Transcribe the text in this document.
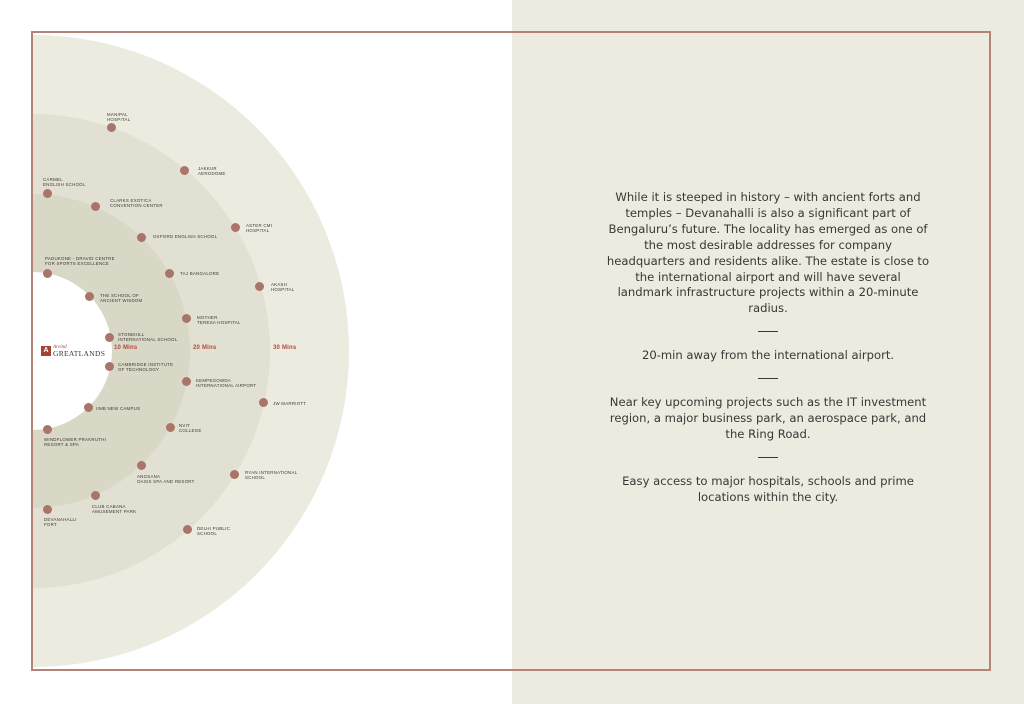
MANIPAL
HOSPITAL
JAKKUR
AERODOME
CARMEL
ENGLISH SCHOOL
CLARKS EXOTICA
CONVENTION CENTER
ASTER CMI
HOSPITAL
OXFORD ENGLISH SCHOOL
PADUKONE - DRAVID CENTRE
FOR SPORTS EXCELLENCE
TAJ BANGALORE
AKASH
HOSPITAL
THE SCHOOL OF
ANCIENT WISDOM
MOTHER
TERESA HOSPITAL
STONEHILL
INTERNATIONAL SCHOOL
CAMBRIDGE INSTITUTE
OF TECHNOLOGY
KEMPEGOWDA
INTERNATIONAL AIRPORT
JW MARRIOTT
IIMB NEW CAMPUS
NVIT
COLLEGE
WINDFLOWER PRAKRUTHI
RESORT & SPA
ANGSANA
OASIS SPA AND RESORT
RYAN INTERNATIONAL
SCHOOL
CLUB CABANA
AMUSEMENT PARK
DEVANAHALLI
FORT
DELHI PUBLIC
SCHOOL
10 Mins	20 Mins	30 Mins
A Arvind
GREATLANDS

While it is steeped in history – with ancient forts and temples – Devanahalli is also a significant part of Bengaluru’s future. The locality has emerged as one of the most desirable addresses for company headquarters and residents alike. The estate is close to the international airport and will have several landmark infrastructure projects within a 20-minute radius.

20-min away from the international airport.

Near key upcoming projects such as the IT investment region, a major business park, an aerospace park, and the Ring Road.

Easy access to major hospitals, schools and prime locations within the city.
